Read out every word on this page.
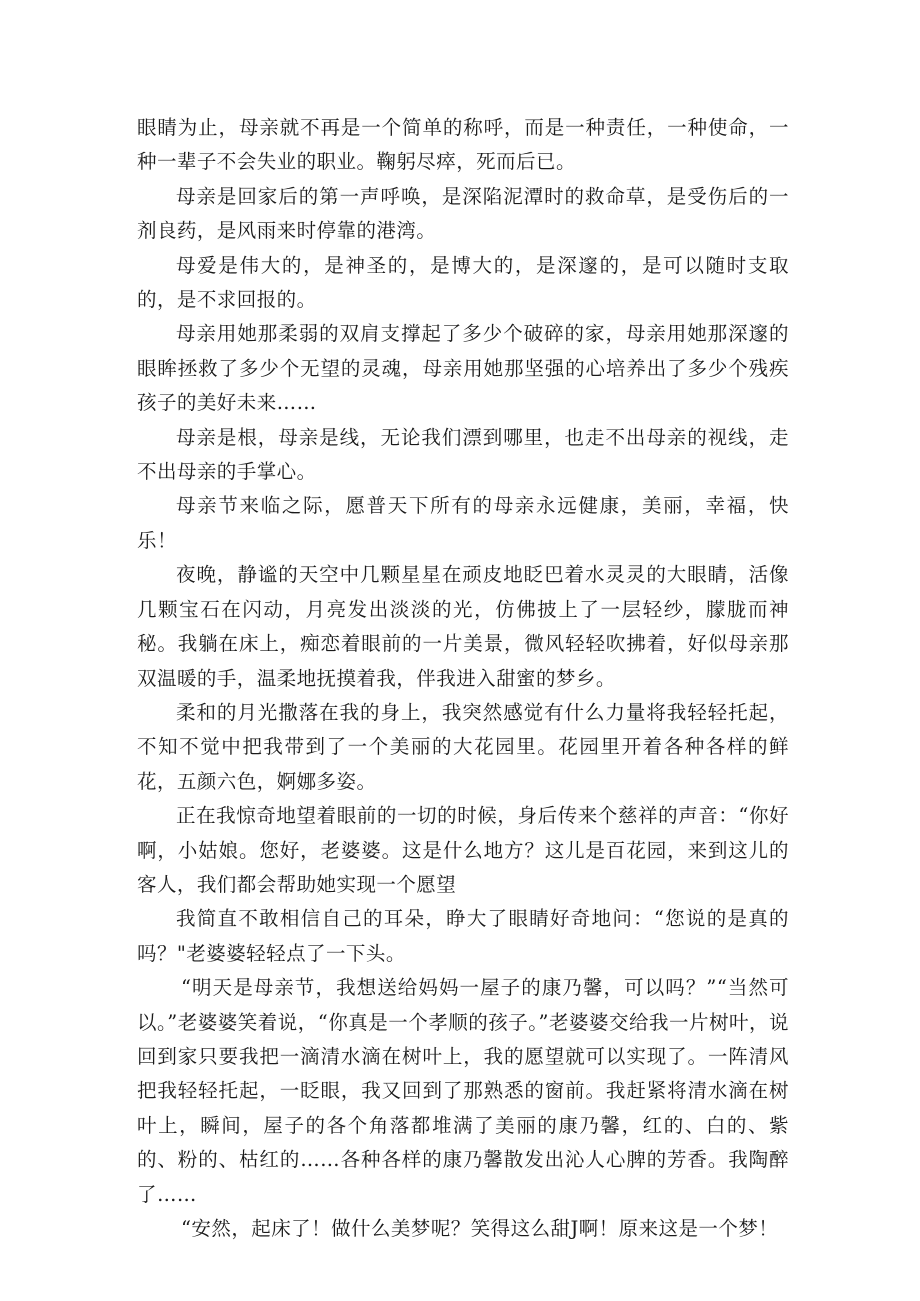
眼睛为止，母亲就不再是一个简单的称呼，而是一种责任，一种使命，一种一辈子不会失业的职业。鞠躬尽瘁，死而后已。

母亲是回家后的第一声呼唤，是深陷泥潭时的救命草，是受伤后的一剂良药，是风雨来时停靠的港湾。

母爱是伟大的，是神圣的，是博大的，是深邃的，是可以随时支取的，是不求回报的。

母亲用她那柔弱的双肩支撑起了多少个破碎的家，母亲用她那深邃的眼眸拯救了多少个无望的灵魂，母亲用她那坚强的心培养出了多少个残疾孩子的美好未来……

母亲是根，母亲是线，无论我们漂到哪里，也走不出母亲的视线，走不出母亲的手掌心。

母亲节来临之际，愿普天下所有的母亲永远健康，美丽，幸福，快乐！

夜晚，静谧的天空中几颗星星在顽皮地眨巴着水灵灵的大眼睛，活像几颗宝石在闪动，月亮发出淡淡的光，仿佛披上了一层轻纱，朦胧而神秘。我躺在床上，痴恋着眼前的一片美景，微风轻轻吹拂着，好似母亲那双温暖的手，温柔地抚摸着我，伴我进入甜蜜的梦乡。

柔和的月光撒落在我的身上，我突然感觉有什么力量将我轻轻托起，不知不觉中把我带到了一个美丽的大花园里。花园里开着各种各样的鲜花，五颜六色，婀娜多姿。

正在我惊奇地望着眼前的一切的时候，身后传来个慈祥的声音：“你好啊，小姑娘。您好，老婆婆。这是什么地方？这儿是百花园，来到这儿的客人，我们都会帮助她实现一个愿望

我简直不敢相信自己的耳朵，睁大了眼睛好奇地问：“您说的是真的吗？"老婆婆轻轻点了一下头。

“明天是母亲节，我想送给妈妈一屋子的康乃馨，可以吗？”“当然可以。”老婆婆笑着说，“你真是一个孝顺的孩子。”老婆婆交给我一片树叶，说回到家只要我把一滴清水滴在树叶上，我的愿望就可以实现了。一阵清风把我轻轻托起，一眨眼，我又回到了那熟悉的窗前。我赶紧将清水滴在树叶上，瞬间，屋子的各个角落都堆满了美丽的康乃馨，红的、白的、紫的、粉的、枯红的……各种各样的康乃馨散发出沁人心脾的芳香。我陶醉了……

“安然，起床了！做什么美梦呢？笑得这么甜J啊！原来这是一个梦！
